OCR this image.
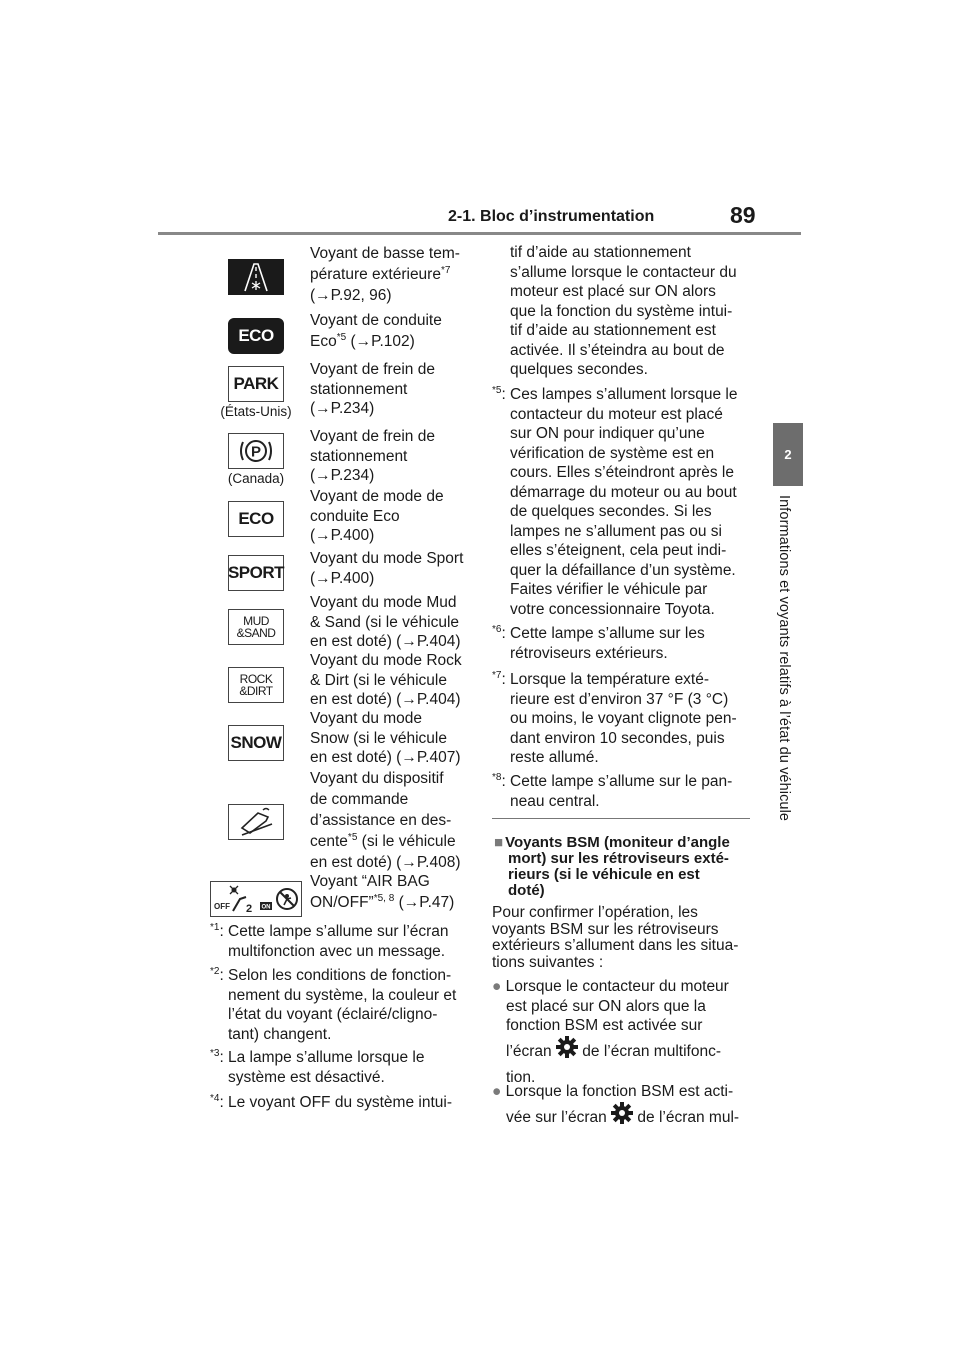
2-1. Bloc d’instrumentation	89
2
Informations et voyants relatifs à l’état du véhicule
Voyant de basse tem-
pérature extérieure$^{*7}$
(→P.92, 96)
ECO
Voyant de conduite
Eco$^{*5}$ (→P.102)
PARK
(États-Unis)
Voyant de frein de
stationnement
(→P.234)
P
(Canada)
Voyant de frein de
stationnement
(→P.234)
ECO
Voyant de mode de
conduite Eco
(→P.400)
SPORT
Voyant du mode Sport
(→P.400)
MUD
&SAND
Voyant du mode Mud
& Sand (si le véhicule
en est doté) (→P.404)
ROCK
&DIRT
Voyant du mode Rock
& Dirt (si le véhicule
en est doté) (→P.404)
SNOW
Voyant du mode
Snow (si le véhicule
en est doté) (→P.407)
Voyant du dispositif
de commande
d’assistance en des-
cente$^{*5}$ (si le véhicule
en est doté) (→P.408)
OFF 2 ON
Voyant “AIR BAG
ON/OFF”$^{*5, 8}$ (→P.47)
$^{*1}$: Cette lampe s’allume sur l’écran
multifonction avec un message.
$^{*2}$: Selon les conditions de fonction-
nement du système, la couleur et
l’état du voyant (éclairé/cligno-
tant) changent.
$^{*3}$: La lampe s’allume lorsque le
système est désactivé.
$^{*4}$: Le voyant OFF du système intui-
tif d’aide au stationnement
s’allume lorsque le contacteur du
moteur est placé sur ON alors
que la fonction du système intui-
tif d’aide au stationnement est
activée. Il s’éteindra au bout de
quelques secondes.
$^{*5}$: Ces lampes s’allument lorsque le
contacteur du moteur est placé
sur ON pour indiquer qu’une
vérification de système est en
cours. Elles s’éteindront après le
démarrage du moteur ou au bout
de quelques secondes. Si les
lampes ne s’allument pas ou si
elles s’éteignent, cela peut indi-
quer la défaillance d’un système.
Faites vérifier le véhicule par
votre concessionnaire Toyota.
$^{*6}$: Cette lampe s’allume sur les
rétroviseurs extérieurs.
$^{*7}$: Lorsque la température exté-
rieure est d’environ 37 °F (3 °C)
ou moins, le voyant clignote pen-
dant environ 10 secondes, puis
reste allumé.
$^{*8}$: Cette lampe s’allume sur le pan-
neau central.
■ Voyants BSM (moniteur d’angle
mort) sur les rétroviseurs exté-
rieurs (si le véhicule en est
doté)
Pour confirmer l’opération, les
voyants BSM sur les rétroviseurs
extérieurs s’allument dans les situa-
tions suivantes :
● Lorsque le contacteur du moteur
est placé sur ON alors que la
fonction BSM est activée sur
l’écran  de l’écran multifonc-
tion.
● Lorsque la fonction BSM est acti-
vée sur l’écran  de l’écran mul-
